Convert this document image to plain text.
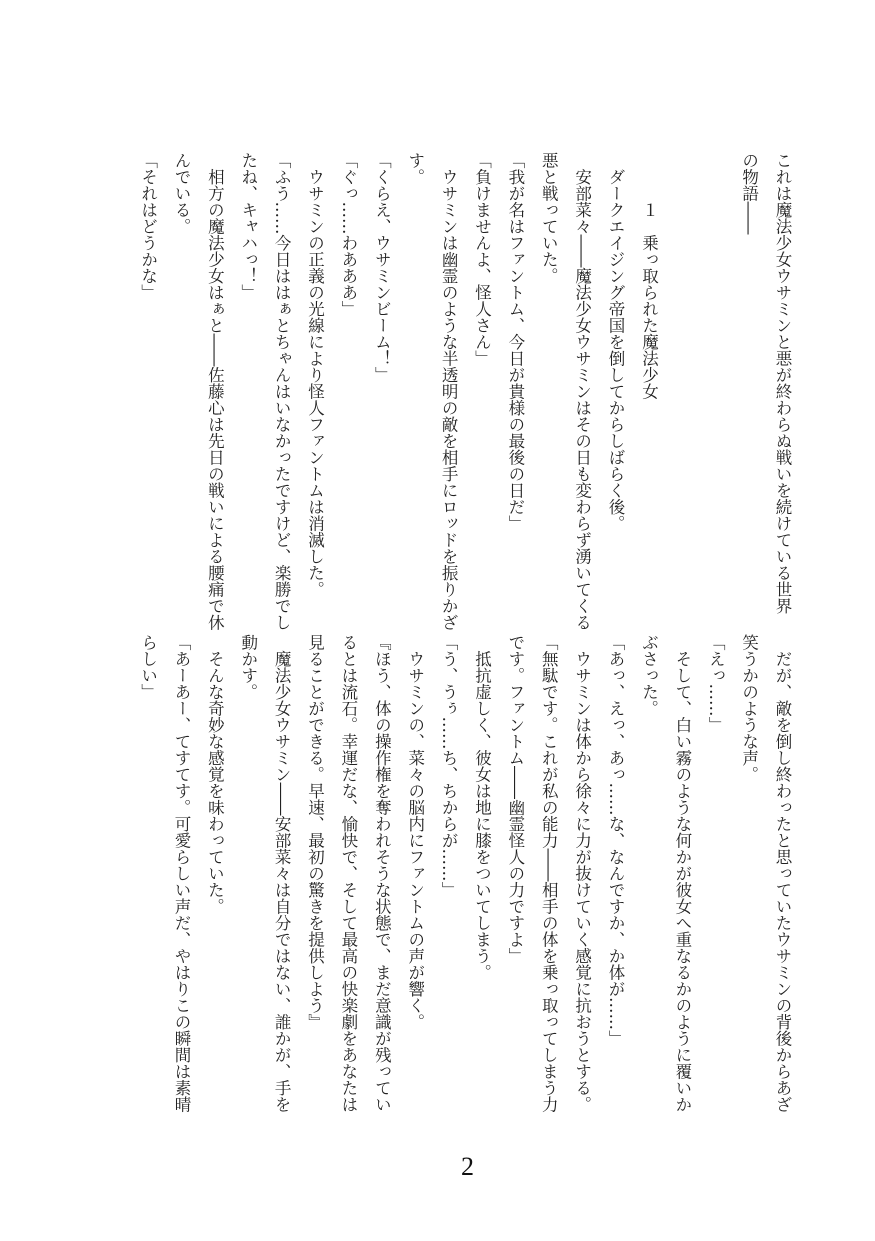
これは魔法少女ウサミンと悪が終わらぬ戦いを続けている世界
の物語――
　　　１　乗っ取られた魔法少女
　ダークエイジング帝国を倒してからしばらく後。
　安部菜々――魔法少女ウサミンはその日も変わらず湧いてくる
悪と戦っていた。
「我が名はファントム、今日が貴様の最後の日だ」
「負けませんよ、怪人さん」
　ウサミンは幽霊のような半透明の敵を相手にロッドを振りかざ
す。
「くらえ、ウサミンビーム！」
「ぐっ……わあああ」
　ウサミンの正義の光線により怪人ファントムは消滅した。
「ふう……今日ははぁとちゃんはいなかったですけど、楽勝でし
たね、キャハっ！」
　相方の魔法少女はぁと――佐藤心は先日の戦いによる腰痛で休
んでいる。
「それはどうかな」
　だが、敵を倒し終わったと思っていたウサミンの背後からあざ
笑うかのような声。
「えっ……」
　そして、白い霧のような何かが彼女へ重なるかのように覆いか
ぶさった。
「あっ、えっ、あっ……な、なんですか、か体が……」
　ウサミンは体から徐々に力が抜けていく感覚に抗おうとする。
「無駄です。これが私の能力――相手の体を乗っ取ってしまう力
です。ファントム――幽霊怪人の力ですよ」
　抵抗虚しく、彼女は地に膝をついてしまう。
「う、うぅ……ち、ちからが……」
　ウサミンの、菜々の脳内にファントムの声が響く。
『ほう、体の操作権を奪われそうな状態で、まだ意識が残ってい
るとは流石。幸運だな、愉快で、そして最高の快楽劇をあなたは
見ることができる。早速、最初の驚きを提供しよう』
　魔法少女ウサミン――安部菜々は自分ではない、誰かが、手を
動かす。
　そんな奇妙な感覚を味わっていた。
「あーあー、てすてす。可愛らしい声だ、やはりこの瞬間は素晴
らしい」
2
